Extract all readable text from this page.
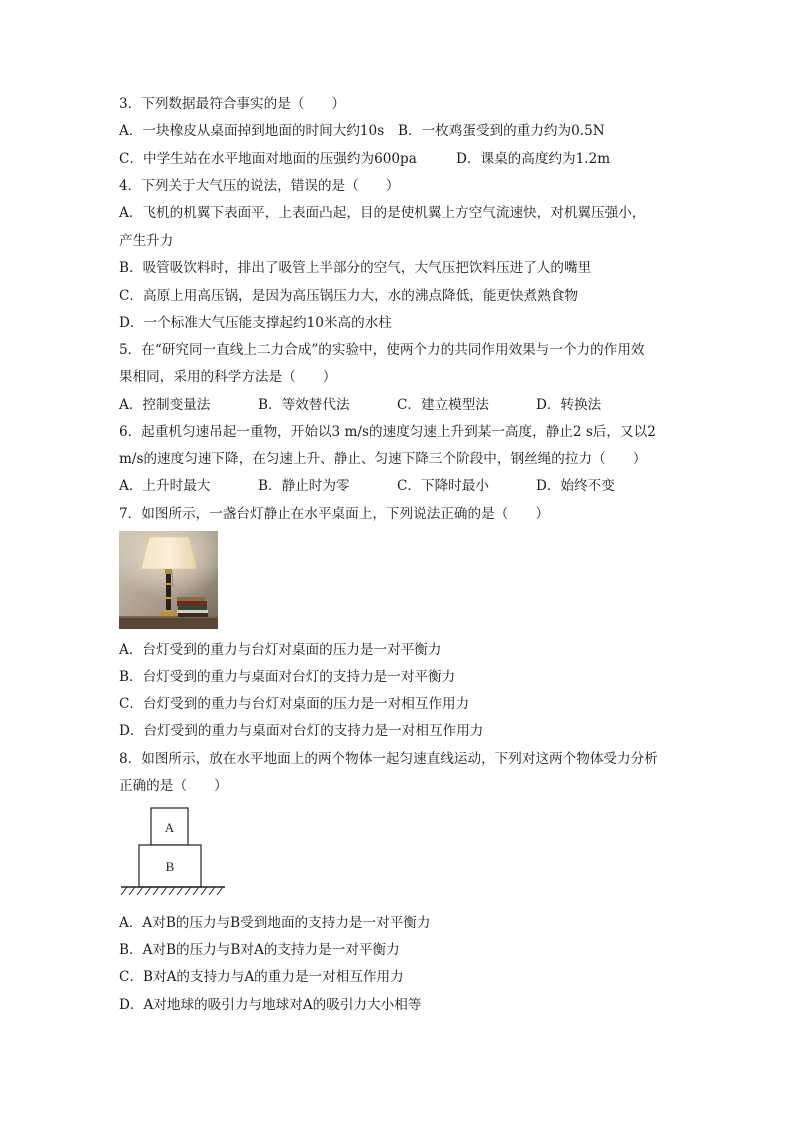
3．下列数据最符合事实的是（　　）
A．一块橡皮从桌面掉到地面的时间大约10s B．一枚鸡蛋受到的重力约为0.5N
C．中学生站在水平地面对地面的压强约为600pa	D．课桌的高度约为1.2m
4．下列关于大气压的说法，错误的是（　　）
A．飞机的机翼下表面平，上表面凸起，目的是使机翼上方空气流速快，对机翼压强小，
产生升力
B．吸管吸饮料时，排出了吸管上半部分的空气，大气压把饮料压进了人的嘴里
C．高原上用高压锅，是因为高压锅压力大，水的沸点降低，能更快煮熟食物
D．一个标准大气压能支撑起约10米高的水柱
5．在“研究同一直线上二力合成”的实验中，使两个力的共同作用效果与一个力的作用效
果相同，采用的科学方法是（　　）
A．控制变量法	B．等效替代法	C．建立模型法	D．转换法
6．起重机匀速吊起一重物，开始以3 m/s的速度匀速上升到某一高度，静止2 s后，又以2
m/s的速度匀速下降，在匀速上升、静止、匀速下降三个阶段中，钢丝绳的拉力（　　）
A．上升时最大	B．静止时为零	C．下降时最小	D．始终不变
7．如图所示，一盏台灯静止在水平桌面上，下列说法正确的是（　　）
A．台灯受到的重力与台灯对桌面的压力是一对平衡力
B．台灯受到的重力与桌面对台灯的支持力是一对平衡力
C．台灯受到的重力与台灯对桌面的压力是一对相互作用力
D．台灯受到的重力与桌面对台灯的支持力是一对相互作用力
8．如图所示，放在水平地面上的两个物体一起匀速直线运动，下列对这两个物体受力分析
正确的是（　　）
A
B
A．A对B的压力与B受到地面的支持力是一对平衡力
B．A对B的压力与B对A的支持力是一对平衡力
C．B对A的支持力与A的重力是一对相互作用力
D．A对地球的吸引力与地球对A的吸引力大小相等
